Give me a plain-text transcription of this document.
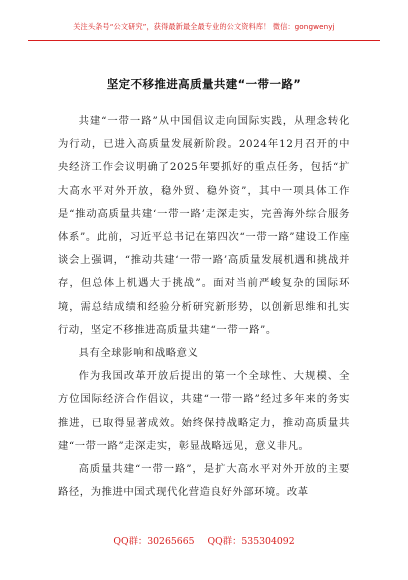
关注头条号“公文研究”，获得最新最全最专业的公文资料库！ 微信：gongwenyj
坚定不移推进高质量共建“一带一路”

共建“一带一路”从中国倡议走向国际实践，从理念转化为行动，已进入高质量发展新阶段。2024年12月召开的中央经济工作会议明确了2025年要抓好的重点任务，包括“扩大高水平对外开放，稳外贸、稳外资”，其中一项具体工作是“推动高质量共建‘一带一路’走深走实，完善海外综合服务体系”。此前，习近平总书记在第四次“一带一路”建设工作座谈会上强调，“推动共建‘一带一路’高质量发展机遇和挑战并存，但总体上机遇大于挑战”。面对当前严峻复杂的国际环境，需总结成绩和经验分析研究新形势，以创新思维和扎实行动，坚定不移推进高质量共建“一带一路”。

具有全球影响和战略意义

作为我国改革开放后提出的第一个全球性、大规模、全方位国际经济合作倡议，共建“一带一路”经过多年来的务实推进，已取得显著成效。始终保持战略定力，推动高质量共建“一带一路”走深走实，彰显战略远见，意义非凡。

高质量共建“一带一路”，是扩大高水平对外开放的主要路径，为推进中国式现代化营造良好外部环境。改革

QQ群：30265665 QQ群：535304092
